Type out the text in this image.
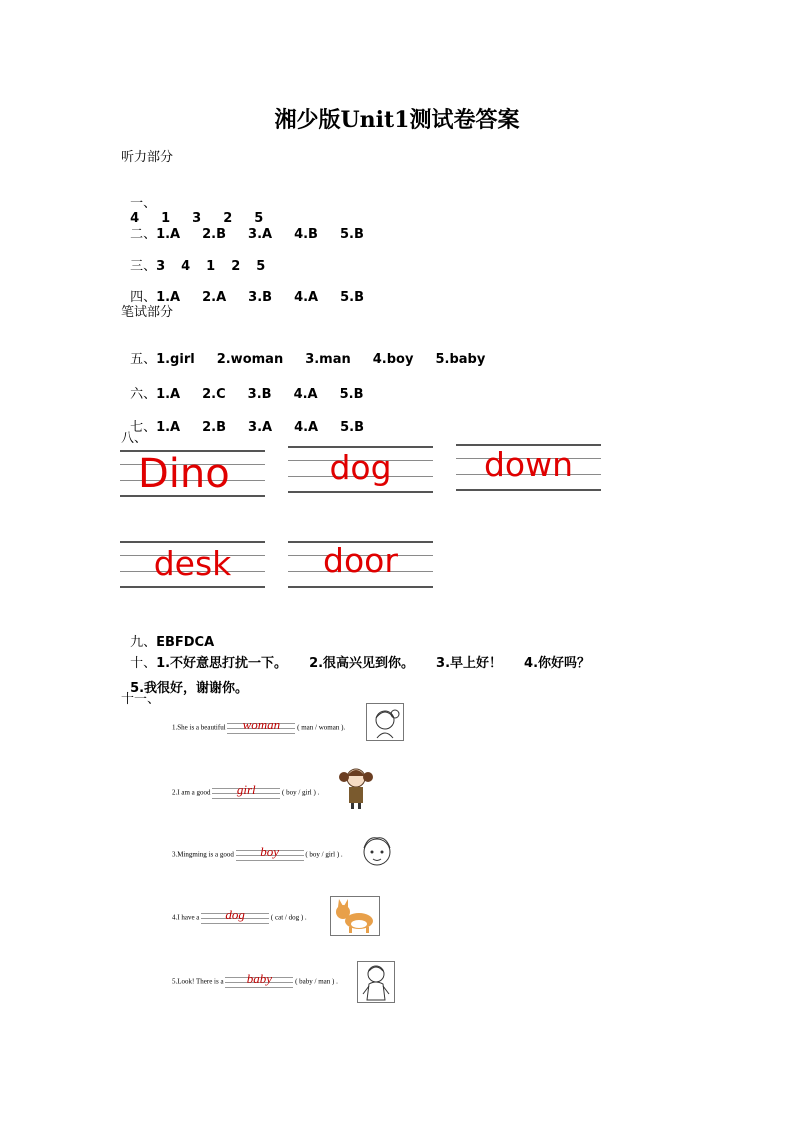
湘少版Unit1测试卷答案
听力部分

一、
4 1 3 2 5

二、1.A 2.B 3.A 4.B 5.B

三、3 4 1 2 5

四、1.A 2.A 3.B 4.A 5.B

笔试部分

五、1.girl 2.woman 3.man 4.boy 5.baby

六、1.A 2.C 3.B 4.A 5.B

七、1.A 2.B 3.A 4.A 5.B

八、
Dino	dog	down
desk	door

九、EBFDCA

十、1.不好意思打扰一下。 2.很高兴见到你。 3.早上好！ 4.你好吗？

5.我很好，谢谢你。

十一、
1.She is a beautiful	woman	( man / woman ).
2.I am a good	girl	( boy / girl ) .
3.Mingming is a good	boy	( boy / girl ) .
4.I have a	dog	( cat / dog ) .
5.Look! There is a	baby	( baby / man ) .
